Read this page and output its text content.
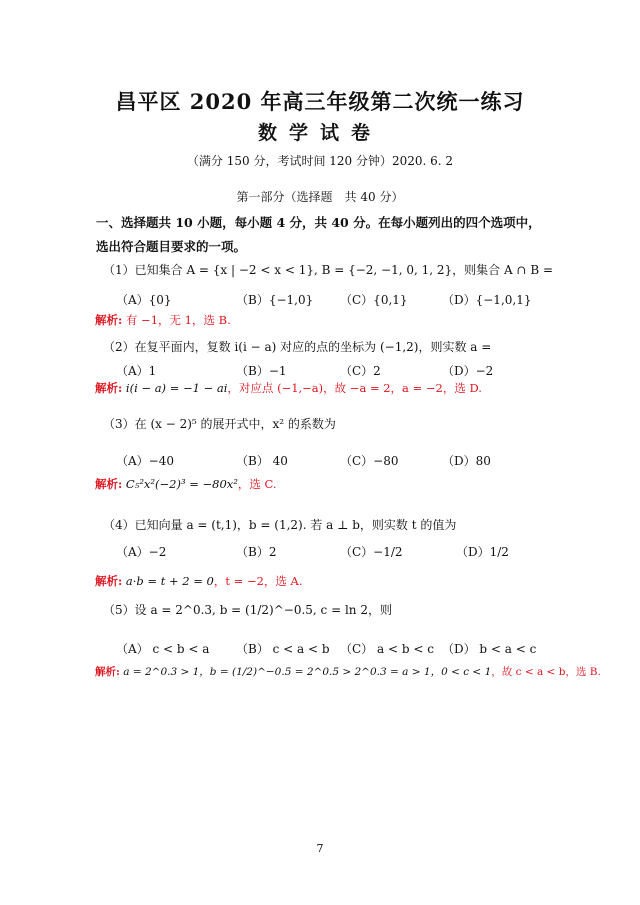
昌平区 2020 年高三年级第二次统一练习
数学试卷
（满分 150 分，考试时间 120 分钟）2020. 6. 2
第一部分（选择题　共 40 分）
一、选择题共 10 小题，每小题 4 分，共 40 分。在每小题列出的四个选项中，选出符合题目要求的一项。
（1）已知集合 A = {x | −2 < x < 1}, B = {−2, −1, 0, 1, 2}，则集合 A ∩ B =
（A）{0}	（B）{−1,0} （C）{0,1}	（D）{−1,0,1}
解析: 有 −1，无 1，选 B.
（2）在复平面内，复数 i(i − a) 对应的点的坐标为 (−1,2)，则实数 a =
（A）1	（B）−1	（C）2	（D）−2
解析: i(i − a) = −1 − ai，对应点 (−1,−a)，故 −a = 2，a = −2，选 D.
（3）在 (x − 2)⁵ 的展开式中，x² 的系数为
（A）−40	（B） 40	（C）−80	（D）80
解析: C₅²x²(−2)³ = −80x²，选 C.
（4）已知向量 a = (t,1)，b = (1,2). 若 a ⊥ b，则实数 t 的值为
（A）−2	（B）2	（C）−1/2	（D）1/2
解析: a·b = t + 2 = 0，t = −2，选 A.
（5）设 a = 2^0.3, b = (1/2)^−0.5, c = ln 2，则
（A） c < b < a （B） c < a < b （C） a < b < c （D） b < a < c
解析: a = 2^0.3 > 1，b = (1/2)^−0.5 = 2^0.5 > 2^0.3 = a > 1，0 < c < 1，故 c < a < b，选 B.
7
